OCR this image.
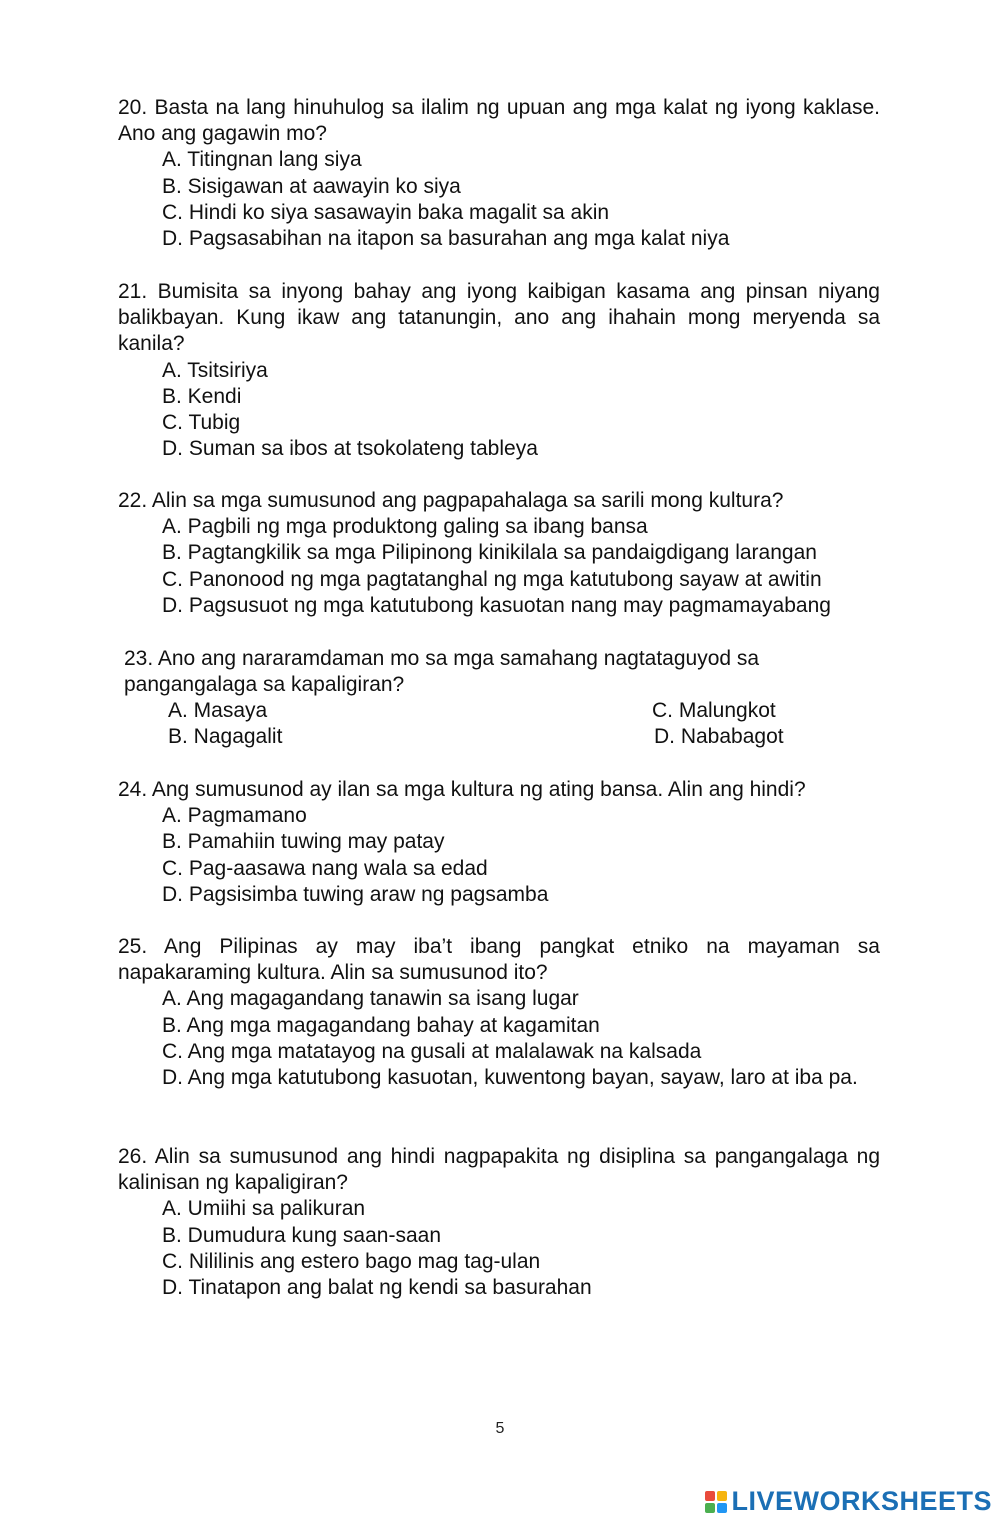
20. Basta na lang hinuhulog sa ilalim ng upuan ang mga kalat ng iyong kaklase. Ano ang gagawin mo?
A. Titingnan lang siya
B. Sisigawan at aawayin ko siya
C. Hindi ko siya sasawayin baka magalit sa akin
D. Pagsasabihan na itapon sa basurahan ang mga kalat niya
21. Bumisita sa inyong bahay ang iyong kaibigan kasama ang pinsan niyang balikbayan. Kung ikaw ang tatanungin, ano ang ihahain mong meryenda sa kanila?
A. Tsitsiriya
B. Kendi
C. Tubig
D. Suman sa ibos at tsokolateng tableya
22. Alin sa mga sumusunod ang pagpapahalaga sa sarili mong kultura?
A. Pagbili ng mga produktong galing sa ibang bansa
B. Pagtangkilik sa mga Pilipinong kinikilala sa pandaigdigang larangan
C. Panonood ng mga pagtatanghal ng mga katutubong sayaw at awitin
D. Pagsusuot ng mga katutubong kasuotan nang may pagmamayabang
23. Ano ang nararamdaman mo sa mga samahang nagtataguyod sa pangangalaga sa kapaligiran?
A. Masaya	C. Malungkot
B. Nagagalit	D. Nababagot
24. Ang sumusunod ay ilan sa mga kultura ng ating bansa. Alin ang hindi?
A. Pagmamano
B. Pamahiin tuwing may patay
C. Pag-aasawa nang wala sa edad
D. Pagsisimba tuwing araw ng pagsamba
25. Ang Pilipinas ay may iba’t ibang pangkat etniko na mayaman sa napakaraming kultura. Alin sa sumusunod ito?
A. Ang magagandang tanawin sa isang lugar
B. Ang mga magagandang bahay at kagamitan
C. Ang mga matatayog na gusali at malalawak na kalsada
D. Ang mga katutubong kasuotan, kuwentong bayan, sayaw, laro at iba pa.
26. Alin sa sumusunod ang hindi nagpapakita ng disiplina sa pangangalaga ng kalinisan ng kapaligiran?
A. Umiihi sa palikuran
B. Dumudura kung saan-saan
C. Nililinis ang estero bago mag tag-ulan
D. Tinatapon ang balat ng kendi sa basurahan
5
LIVEWORKSHEETS
